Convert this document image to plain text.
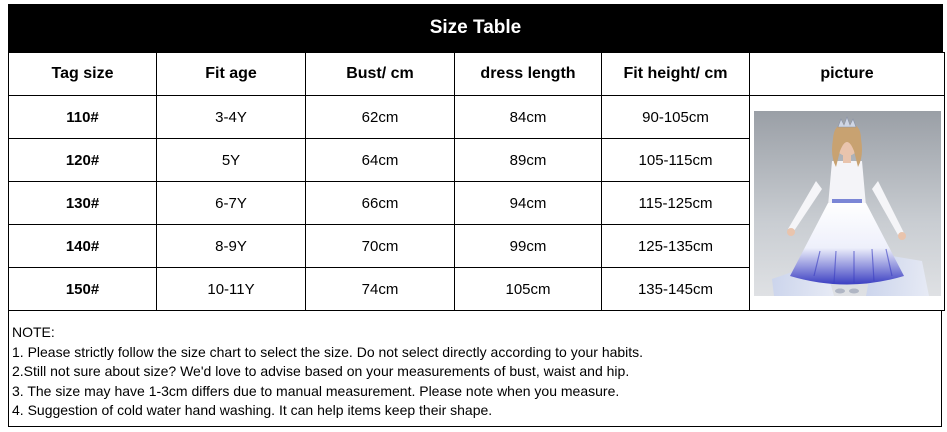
Size Table
Tag size	Fit age	Bust/ cm	dress length	Fit height/ cm	picture
110#	3-4Y	62cm	84cm	90-105cm	

120#	5Y	64cm	89cm	105-115cm	
130#	6-7Y	66cm	94cm	115-125cm	
140#	8-9Y	70cm	99cm	125-135cm	
150#	10-11Y	74cm	105cm	135-145cm	
NOTE:
1. Please strictly follow the size chart to select the size. Do not select directly according to your habits.
2.Still not sure about size? We'd love to advise based on your measurements of bust, waist and hip.
3. The size may have 1-3cm differs due to manual measurement. Please note when you measure.
4. Suggestion of cold water hand washing. It can help items keep their shape.
